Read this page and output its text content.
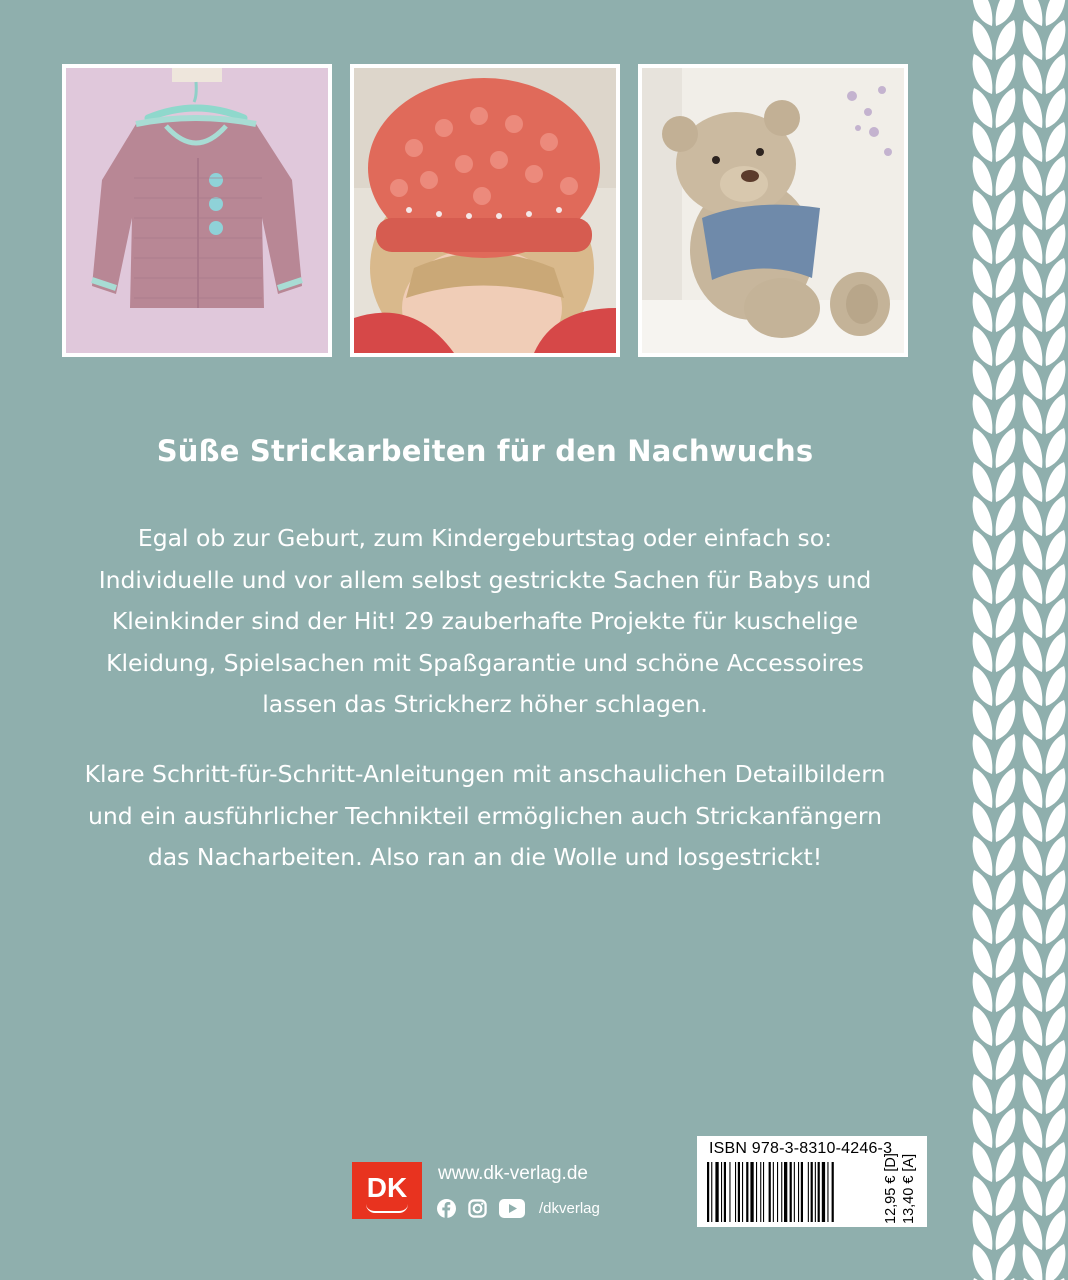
Süße Strickarbeiten für den Nachwuchs
Egal ob zur Geburt, zum Kindergeburtstag oder einfach so:
Individuelle und vor allem selbst gestrickte Sachen für Babys und
Kleinkinder sind der Hit! 29 zauberhafte Projekte für kuschelige
Kleidung, Spielsachen mit Spaßgarantie und schöne Accessoires
lassen das Strickherz höher schlagen.
Klare Schritt-für-Schritt-Anleitungen mit anschaulichen Detailbildern
und ein ausführlicher Technikteil ermöglichen auch Strickanfängern
das Nacharbeiten. Also ran an die Wolle und losgestrickt!
DK	www.dk-verlag.de
/dkverlag
ISBN 978-3-8310-4246-3
12,95 € [D] 13,40 € [A]
